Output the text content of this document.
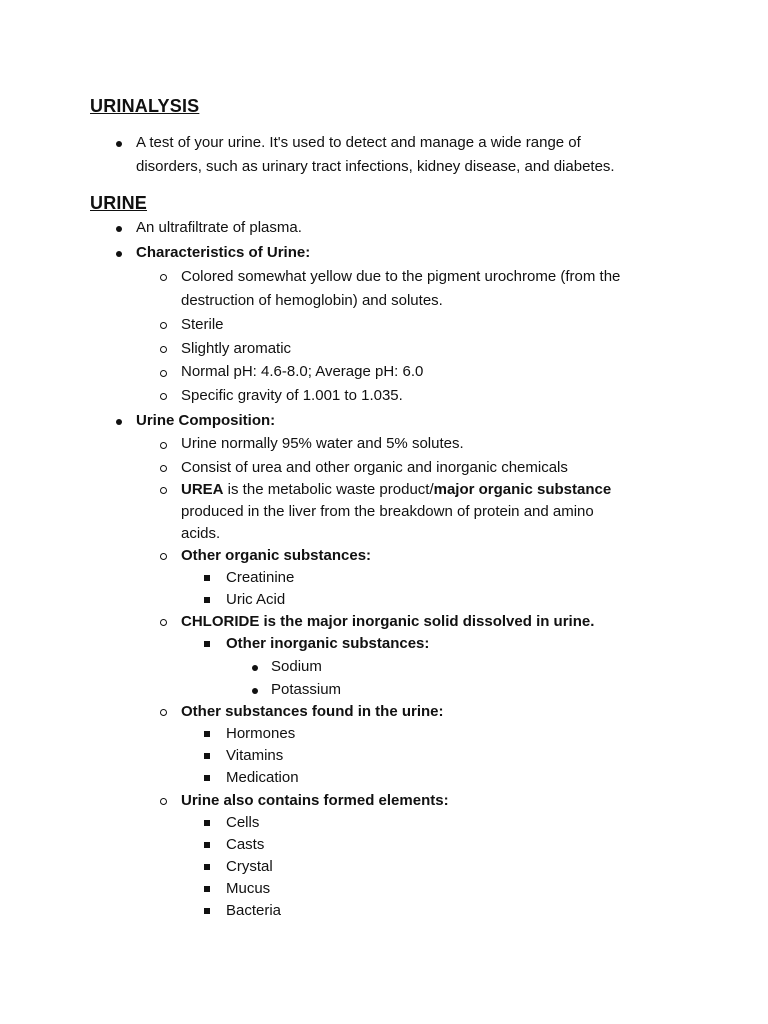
URINALYSIS
A test of your urine. It's used to detect and manage a wide range of
disorders, such as urinary tract infections, kidney disease, and diabetes.
URINE
An ultrafiltrate of plasma.
Characteristics of Urine:
Colored somewhat yellow due to the pigment urochrome (from the
destruction of hemoglobin) and solutes.
Sterile
Slightly aromatic
Normal pH: 4.6-8.0; Average pH: 6.0
Specific gravity of 1.001 to 1.035.
Urine Composition:
Urine normally 95% water and 5% solutes.
Consist of urea and other organic and inorganic chemicals
UREA is the metabolic waste product/major organic substance
produced in the liver from the breakdown of protein and amino
acids.
Other organic substances:
Creatinine
Uric Acid
CHLORIDE is the major inorganic solid dissolved in urine.
Other inorganic substances:
Sodium
Potassium
Other substances found in the urine:
Hormones
Vitamins
Medication
Urine also contains formed elements:
Cells
Casts
Crystal
Mucus
Bacteria
